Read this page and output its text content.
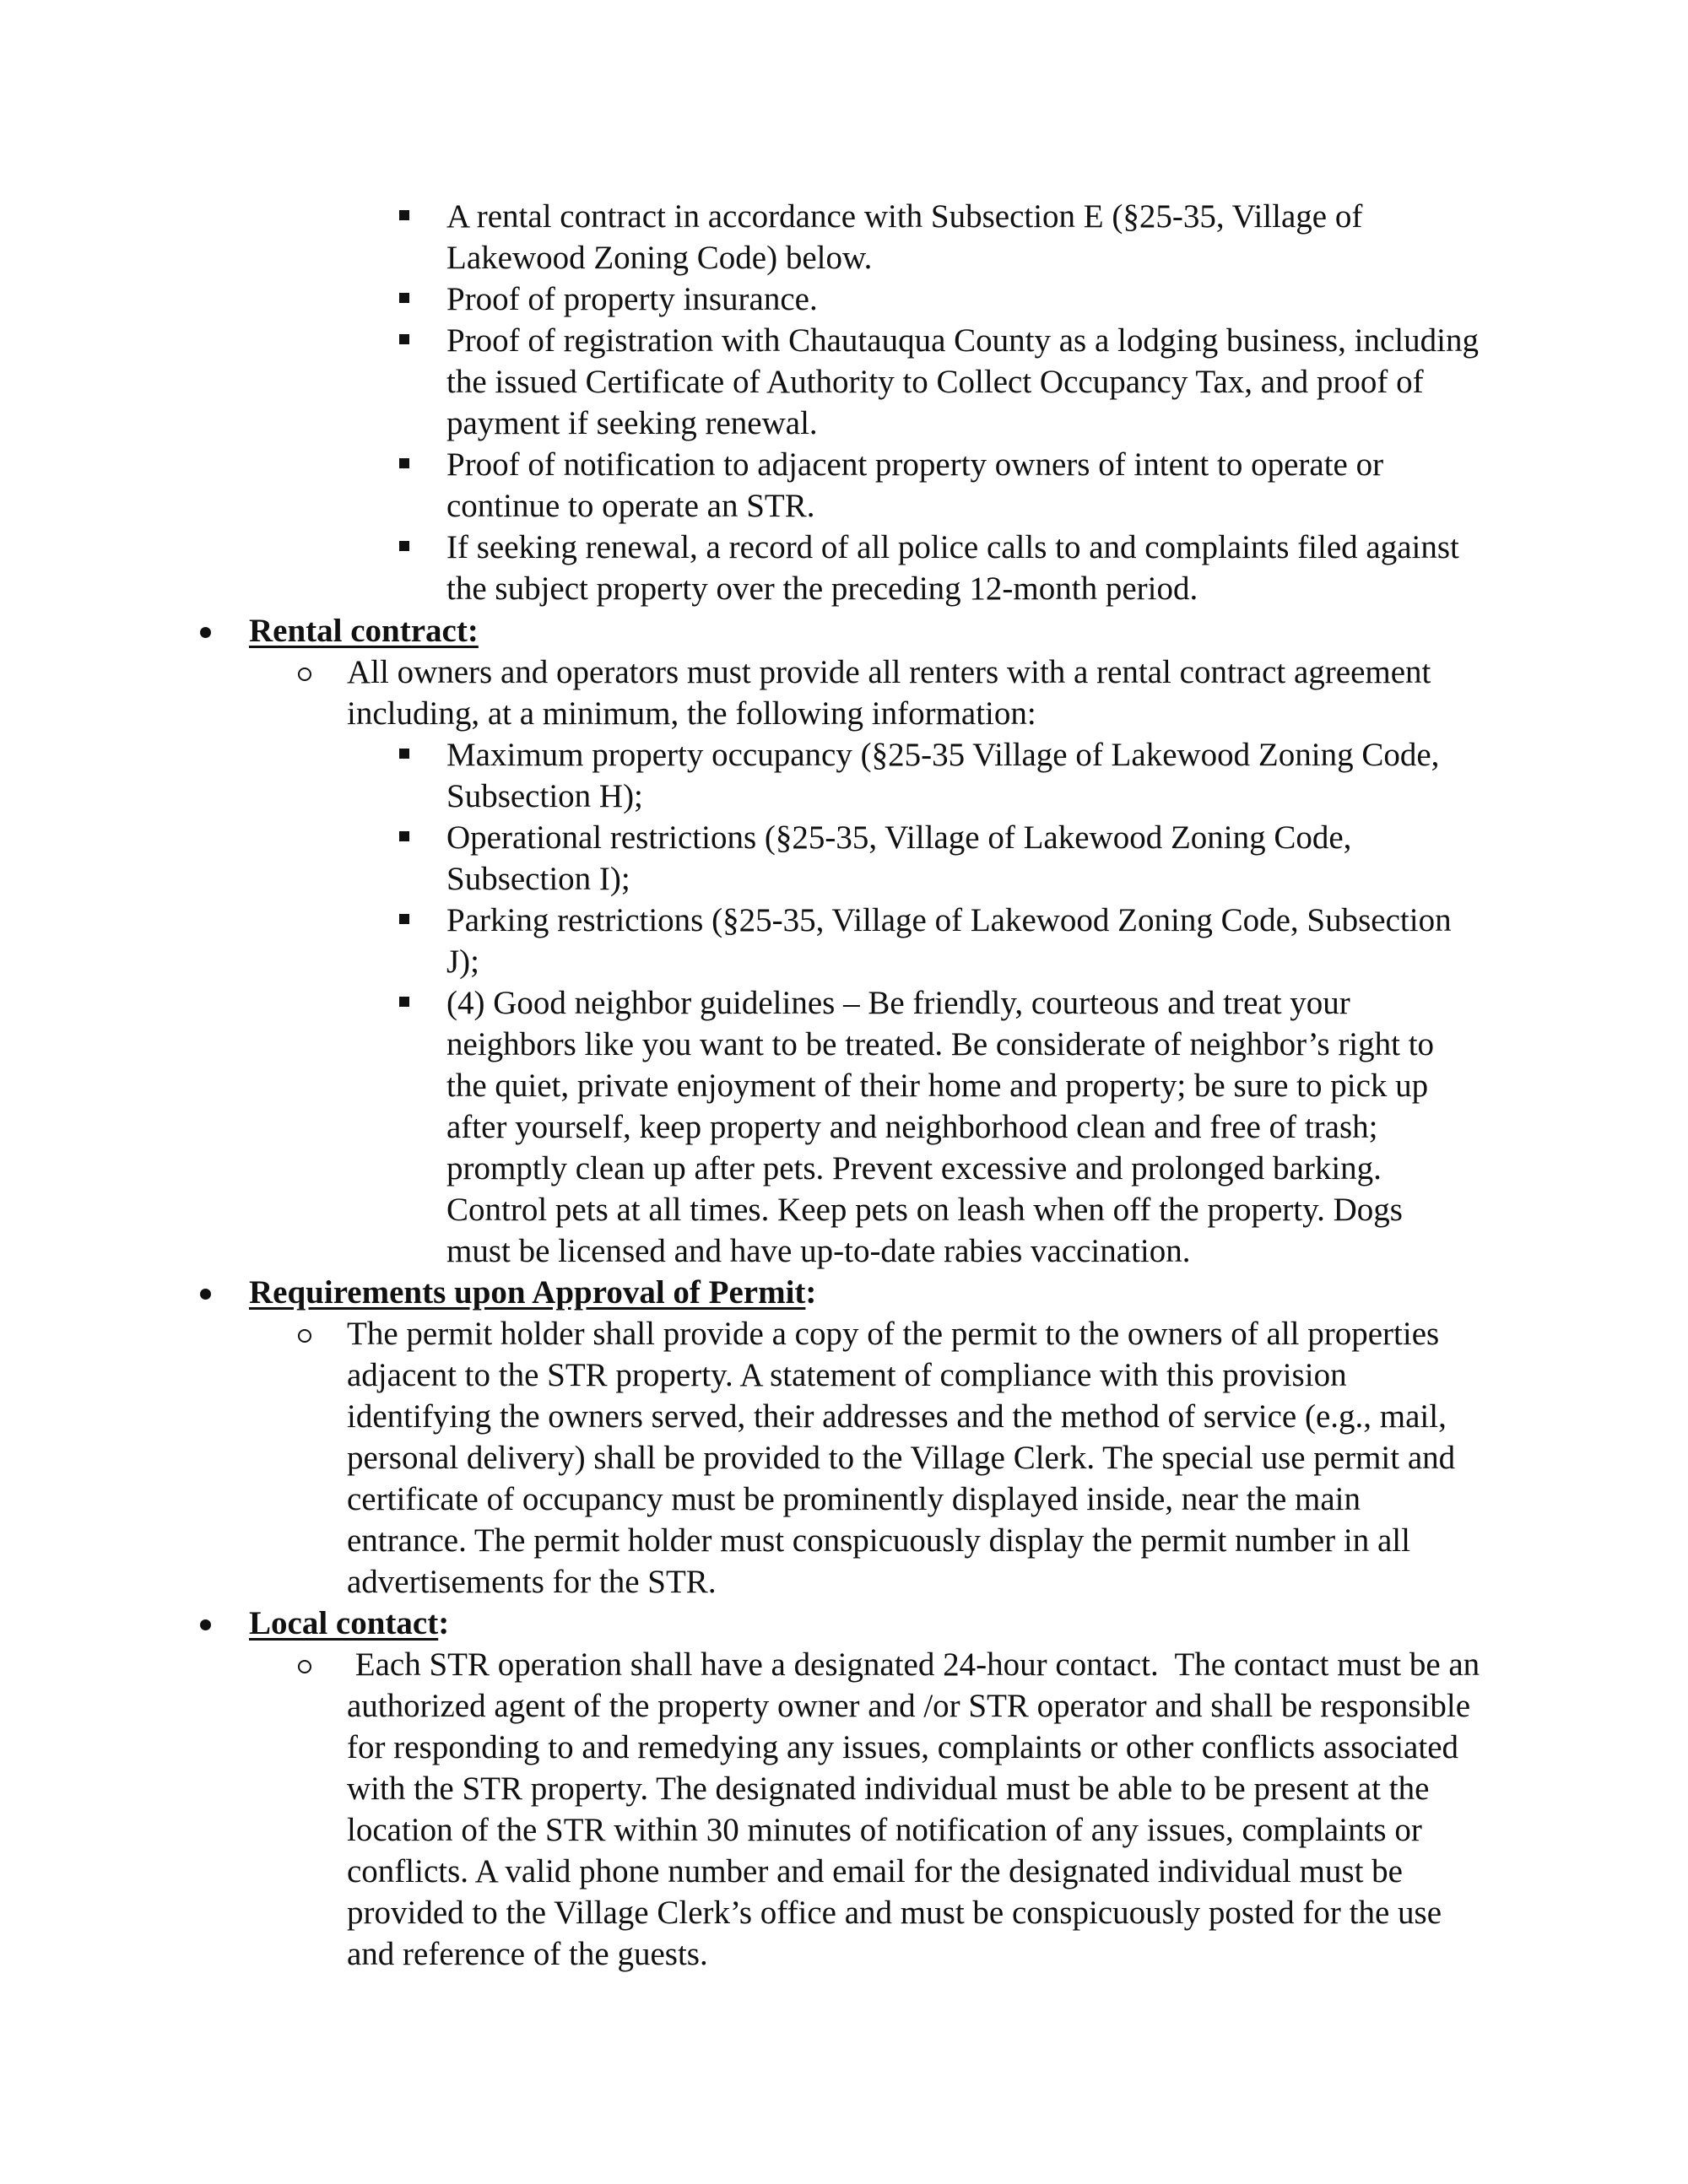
A rental contract in accordance with Subsection E (§25-35, Village of
Lakewood Zoning Code) below.
Proof of property insurance.
Proof of registration with Chautauqua County as a lodging business, including
the issued Certificate of Authority to Collect Occupancy Tax, and proof of
payment if seeking renewal.
Proof of notification to adjacent property owners of intent to operate or
continue to operate an STR.
If seeking renewal, a record of all police calls to and complaints filed against
the subject property over the preceding 12-month period.
Rental contract:
All owners and operators must provide all renters with a rental contract agreement
including, at a minimum, the following information:
Maximum property occupancy (§25-35 Village of Lakewood Zoning Code,
Subsection H);
Operational restrictions (§25-35, Village of Lakewood Zoning Code,
Subsection I);
Parking restrictions (§25-35, Village of Lakewood Zoning Code, Subsection
J);
(4) Good neighbor guidelines – Be friendly, courteous and treat your
neighbors like you want to be treated. Be considerate of neighbor’s right to
the quiet, private enjoyment of their home and property; be sure to pick up
after yourself, keep property and neighborhood clean and free of trash;
promptly clean up after pets. Prevent excessive and prolonged barking.
Control pets at all times. Keep pets on leash when off the property. Dogs
must be licensed and have up-to-date rabies vaccination.
Requirements upon Approval of Permit:
The permit holder shall provide a copy of the permit to the owners of all properties
adjacent to the STR property. A statement of compliance with this provision
identifying the owners served, their addresses and the method of service (e.g., mail,
personal delivery) shall be provided to the Village Clerk. The special use permit and
certificate of occupancy must be prominently displayed inside, near the main
entrance. The permit holder must conspicuously display the permit number in all
advertisements for the STR.
Local contact:
Each STR operation shall have a designated 24-hour contact.  The contact must be an
authorized agent of the property owner and /or STR operator and shall be responsible
for responding to and remedying any issues, complaints or other conflicts associated
with the STR property. The designated individual must be able to be present at the
location of the STR within 30 minutes of notification of any issues, complaints or
conflicts. A valid phone number and email for the designated individual must be
provided to the Village Clerk’s office and must be conspicuously posted for the use
and reference of the guests.
